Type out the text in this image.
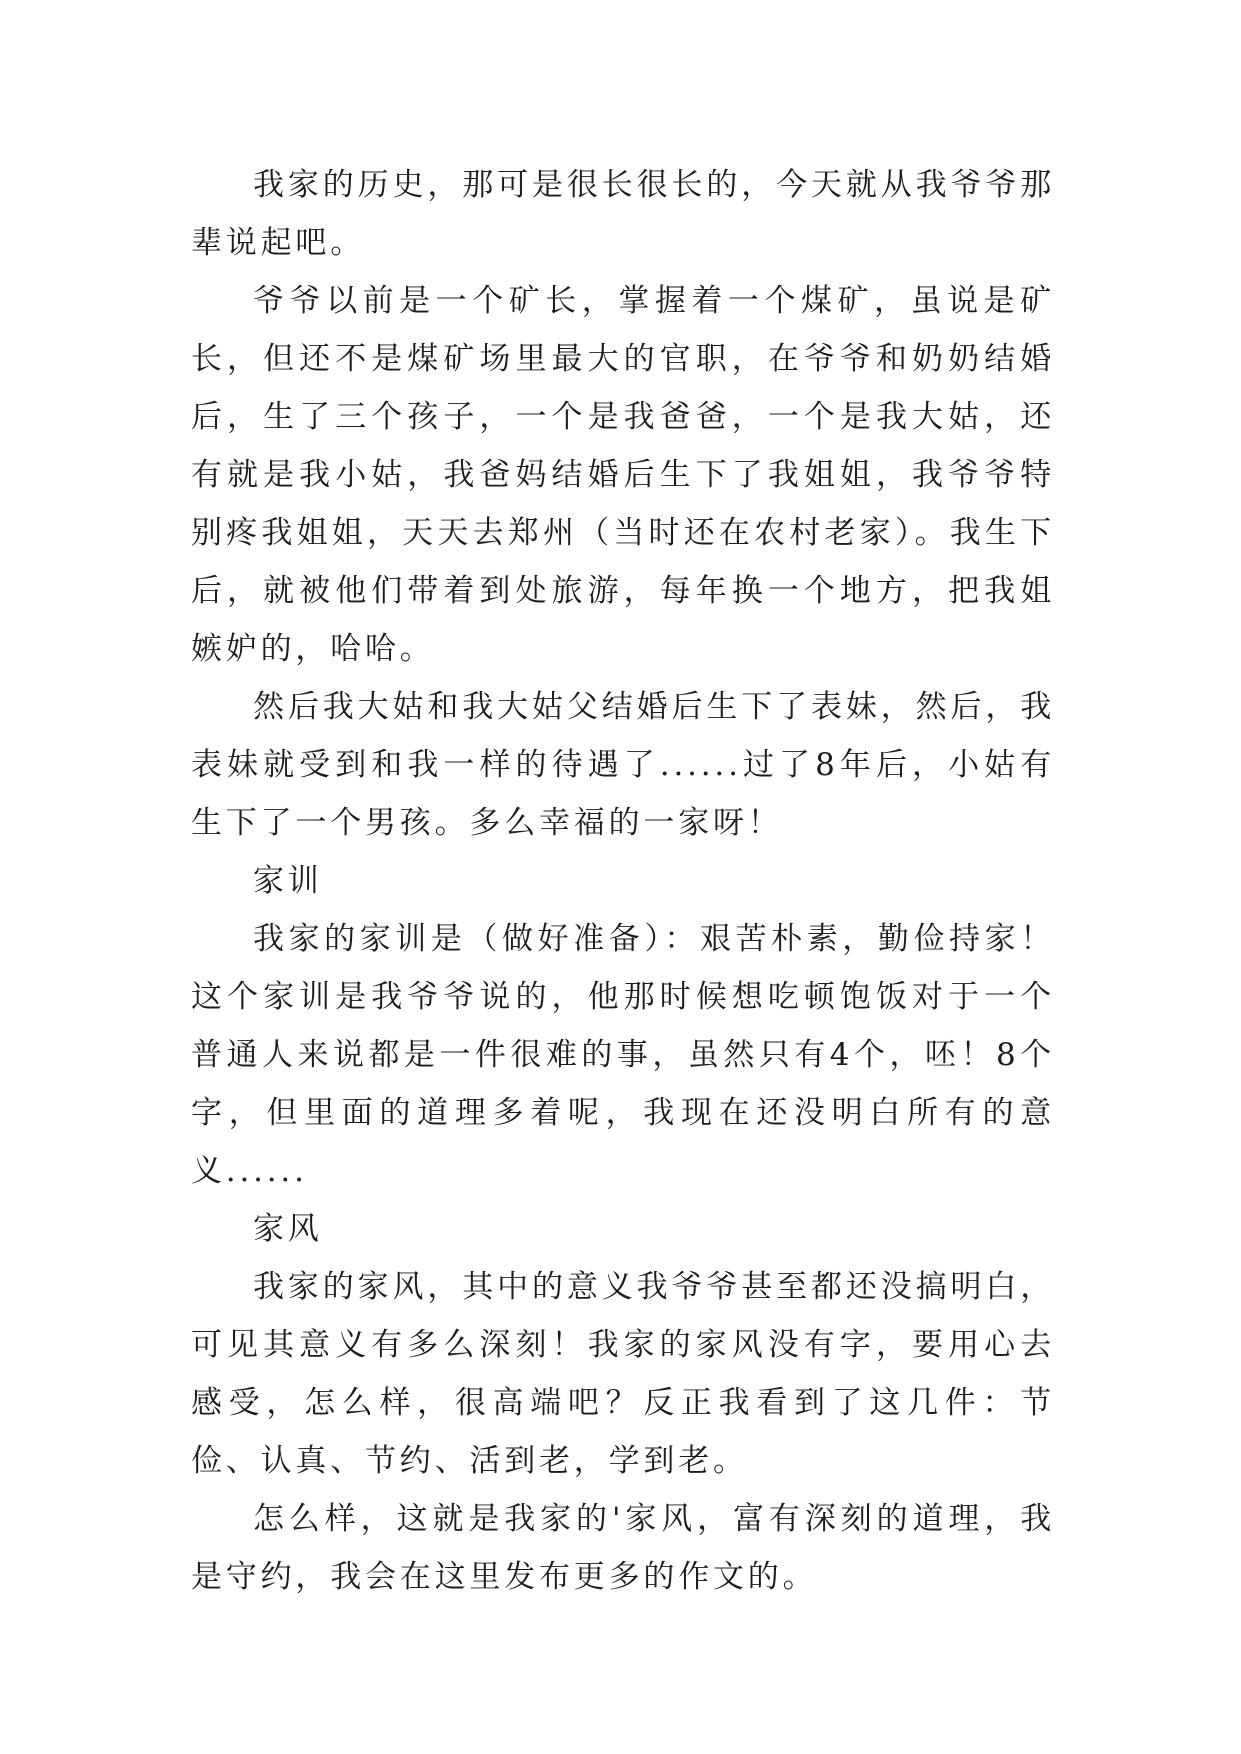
我家的历史，那可是很长很长的，今天就从我爷爷那辈说起吧。

爷爷以前是一个矿长，掌握着一个煤矿，虽说是矿长，但还不是煤矿场里最大的官职，在爷爷和奶奶结婚后，生了三个孩子，一个是我爸爸，一个是我大姑，还有就是我小姑，我爸妈结婚后生下了我姐姐，我爷爷特别疼我姐姐，天天去郑州（当时还在农村老家）。我生下后，就被他们带着到处旅游，每年换一个地方，把我姐嫉妒的，哈哈。

然后我大姑和我大姑父结婚后生下了表妹，然后，我表妹就受到和我一样的待遇了......过了8年后，小姑有生下了一个男孩。多么幸福的一家呀！

家训

我家的家训是（做好准备）：艰苦朴素，勤俭持家！这个家训是我爷爷说的，他那时候想吃顿饱饭对于一个普通人来说都是一件很难的事，虽然只有4个，呸！8个字，但里面的道理多着呢，我现在还没明白所有的意义......

家风

我家的家风，其中的意义我爷爷甚至都还没搞明白，可见其意义有多么深刻！我家的家风没有字，要用心去感受，怎么样，很高端吧？反正我看到了这几件：节俭、认真、节约、活到老，学到老。

怎么样，这就是我家的'家风，富有深刻的道理，我是守约，我会在这里发布更多的作文的。
